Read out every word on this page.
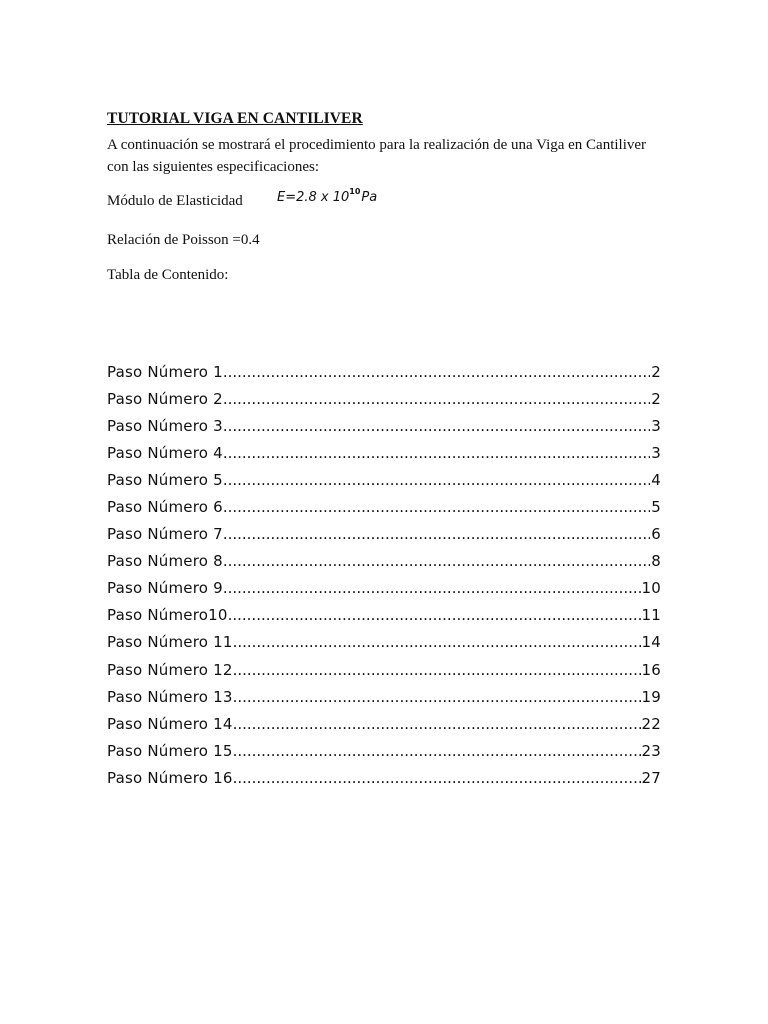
TUTORIAL VIGA EN CANTILIVER
A continuación se mostrará el procedimiento para la realización de una Viga en Cantiliver con las siguientes especificaciones:
Módulo de Elasticidad	E=2.8 x $10^{10}Pa$
Relación de Poisson =0.4
Tabla de Contenido:
Paso Número 1 .....	2
Paso Número 2 .....	2
Paso Número 3 .....	3
Paso Número 4 .....	3
Paso Número 5 .....	4
Paso Número 6 .....	5
Paso Número 7 .....	6
Paso Número 8 .....	8
Paso Número 9 .....	10
Paso Número10 .....	11
Paso Número 11 .....	14
Paso Número 12 .....	16
Paso Número 13 .....	19
Paso Número 14 .....	22
Paso Número 15 .....	23
Paso Número 16 .....	27
